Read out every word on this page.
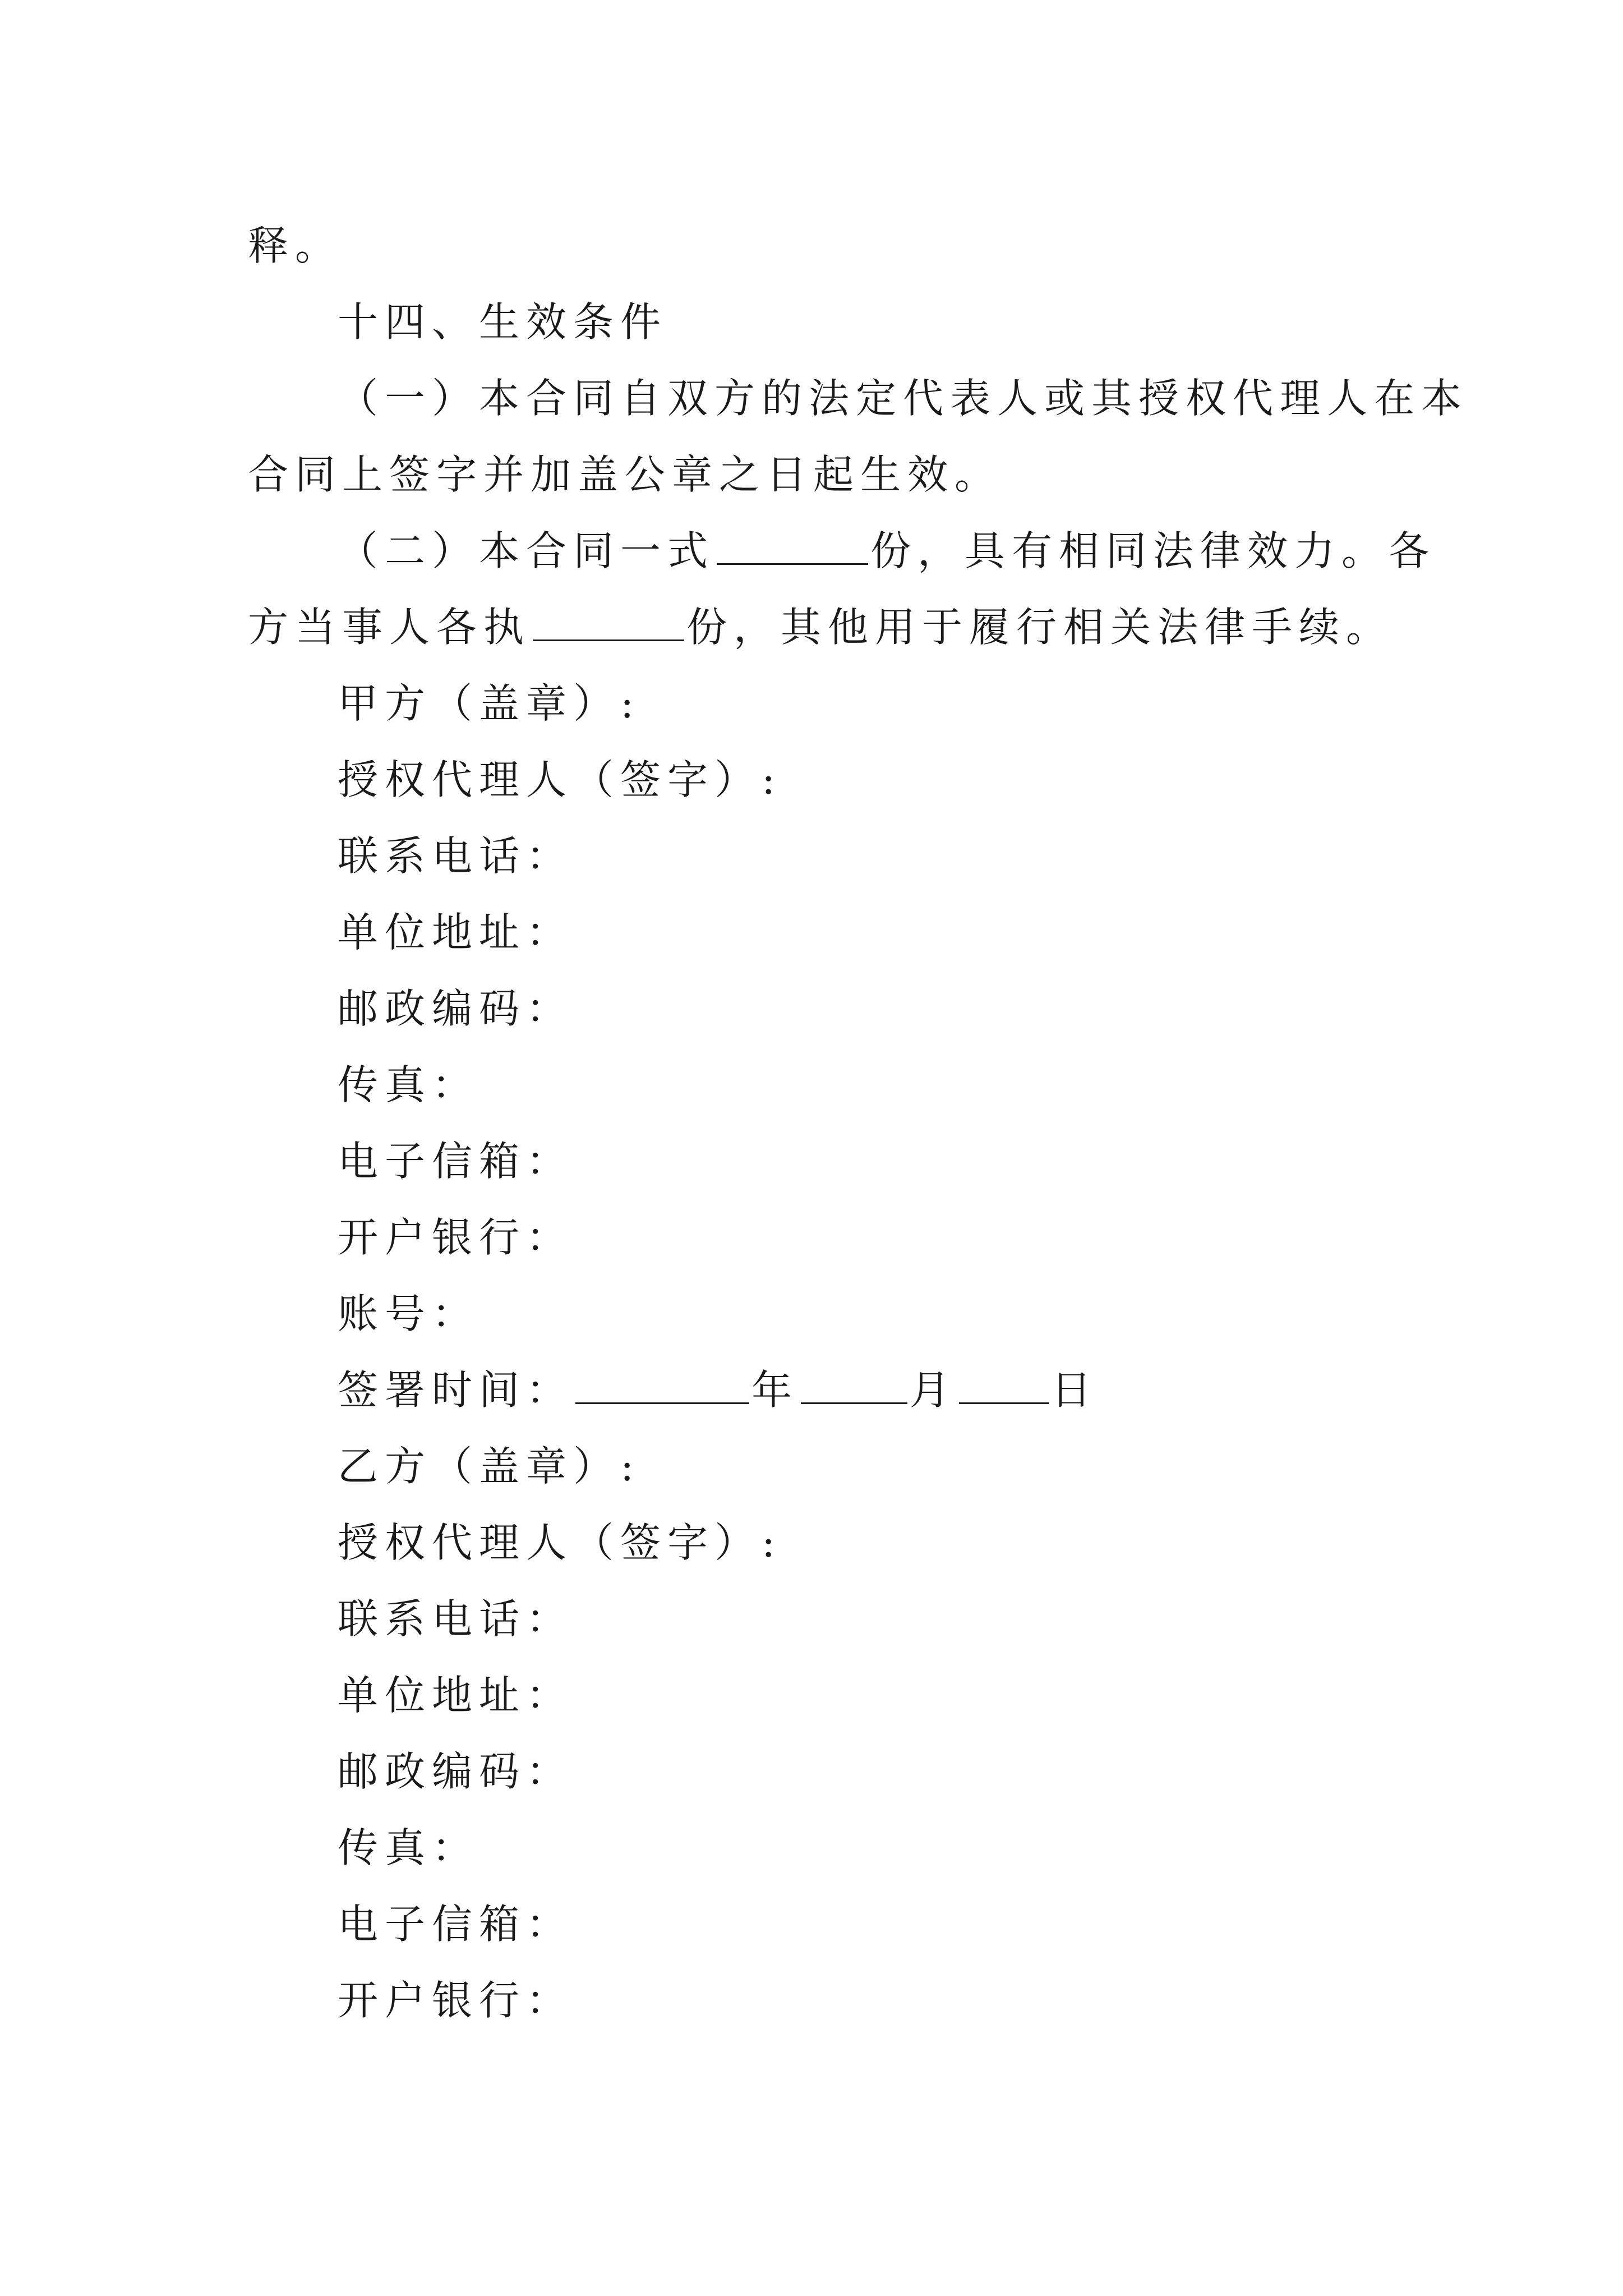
释。
十四、生效条件
（一）本合同自双方的法定代表人或其授权代理人在本
合同上签字并加盖公章之日起生效。
（二）本合同一式	份，具有相同法律效力。各
方当事人各执	份，其他用于履行相关法律手续。
甲方（盖章）:
授权代理人（签字）:
联系电话：
单位地址：
邮政编码：
传真：
电子信箱：
开户银行：
账号：
签署时间：	年	月 日
乙方（盖章）:
授权代理人（签字）:
联系电话：
单位地址：
邮政编码：
传真：
电子信箱：
开户银行：
